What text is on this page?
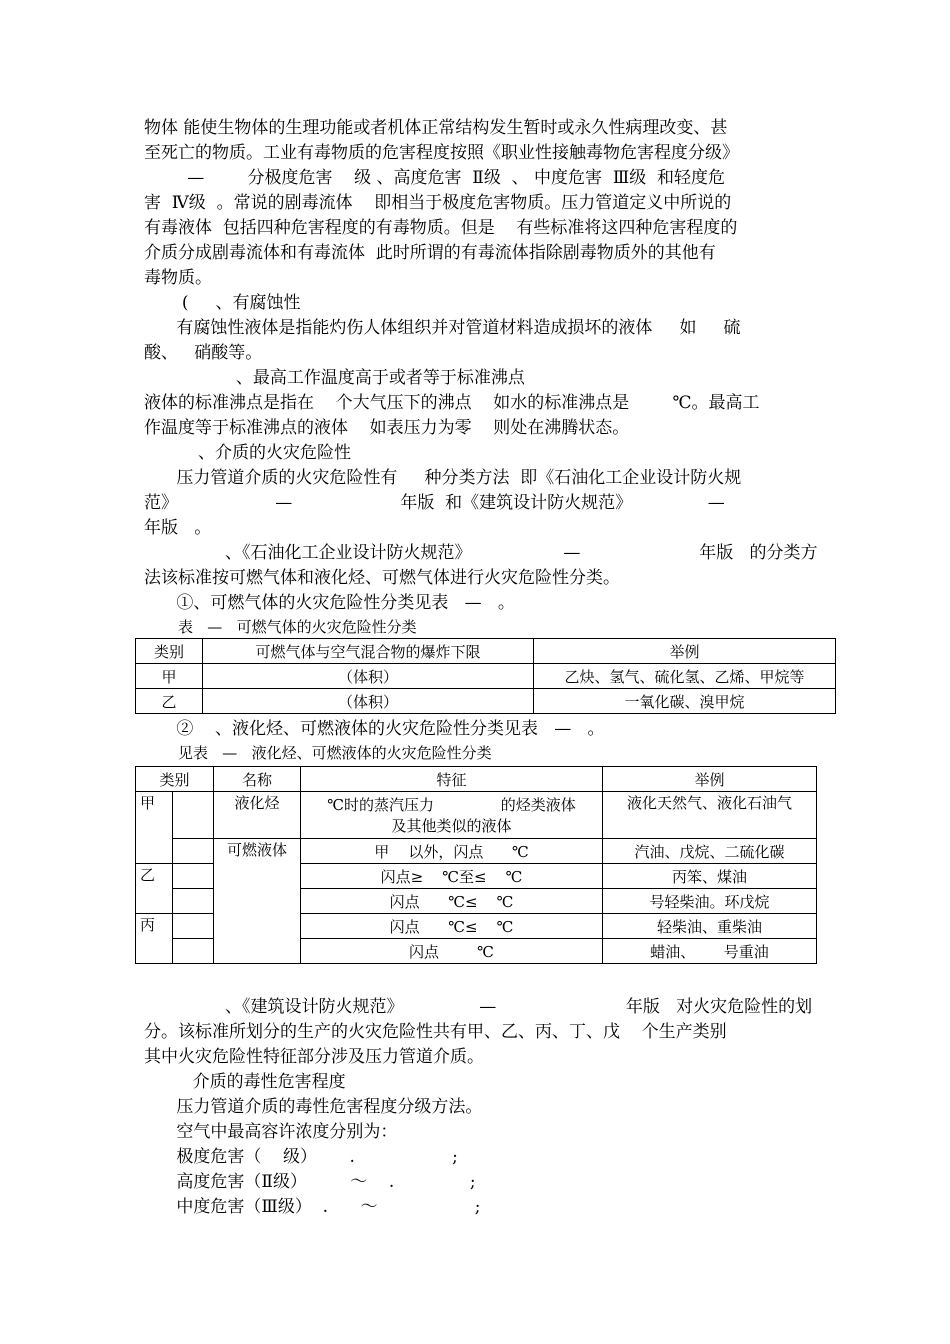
物体 能使生物体的生理功能或者机体正常结构发生暂时或永久性病理改变、甚
至死亡的物质。工业有毒物质的危害程度按照《职业性接触毒物危害程度分级》
—        分极度危害    级 、高度危害  Ⅱ级  、 中度危害  Ⅲ级  和轻度危
害  Ⅳ级  。常说的剧毒流体    即相当于极度危害物质。压力管道定义中所说的
有毒液体  包括四种危害程度的有毒物质。但是    有些标准将这四种危害程度的
介质分成剧毒流体和有毒流体  此时所谓的有毒流体指除剧毒物质外的其他有
毒物质。
(     、有腐蚀性
有腐蚀性液体是指能灼伤人体组织并对管道材料造成损坏的液体     如     硫
酸、   硝酸等。
、最高工作温度高于或者等于标准沸点
液体的标准沸点是指在    个大气压下的沸点    如水的标准沸点是        ℃。最高工
作温度等于标准沸点的液体    如表压力为零    则处在沸腾状态。
、介质的火灾危险性
压力管道介质的火灾危险性有     种分类方法  即《石油化工企业设计防火规
范》                  —                    年版  和《建筑设计防火规范》              —
年版   。
、《石油化工企业设计防火规范》                 —                      年版   的分类方
法该标准按可燃气体和液化烃、可燃气体进行火灾危险性分类。
①、可燃气体的火灾危险性分类见表   —   。
表   —   可燃气体的火灾危险性分类
类别	可燃气体与空气混合物的爆炸下限	举例
甲	（体积）	乙炔、氢气、硫化氢、乙烯、甲烷等
乙	（体积）	一氧化碳、溴甲烷
②    、液化烃、可燃液体的火灾危险性分类见表   —   。
见表   —   液化烃、可燃液体的火灾危险性分类
类别		名称	特征	举例
甲		液化烃	℃时的蒸汽压力              的烃类液体
及其他类似的液体	液化天然气、液化石油气
		可燃液体	甲    以外，闪点      ℃	汽油、戊烷、二硫化碳
乙			闪点≥    ℃至≤    ℃	丙笨、煤油
			闪点      ℃≤    ℃	号轻柴油。环戊烷
丙			闪点      ℃≤    ℃	轻柴油、重柴油
			闪点        ℃	蜡油、      号重油
、《建筑设计防火规范》              —                        年版   对火灾危险性的划
分。该标准所划分的生产的火灾危险性共有甲、乙、丙、丁、戊    个生产类别
其中火灾危险性特征部分涉及压力管道介质。
介质的毒性危害程度
压力管道介质的毒性危害程度分级方法。
空气中最高容许浓度分别为：
极度危害（    级）      .                  ;
高度危害（Ⅱ级）        ～    .              ;
中度危害（Ⅲ级）  .      ～                  ;
